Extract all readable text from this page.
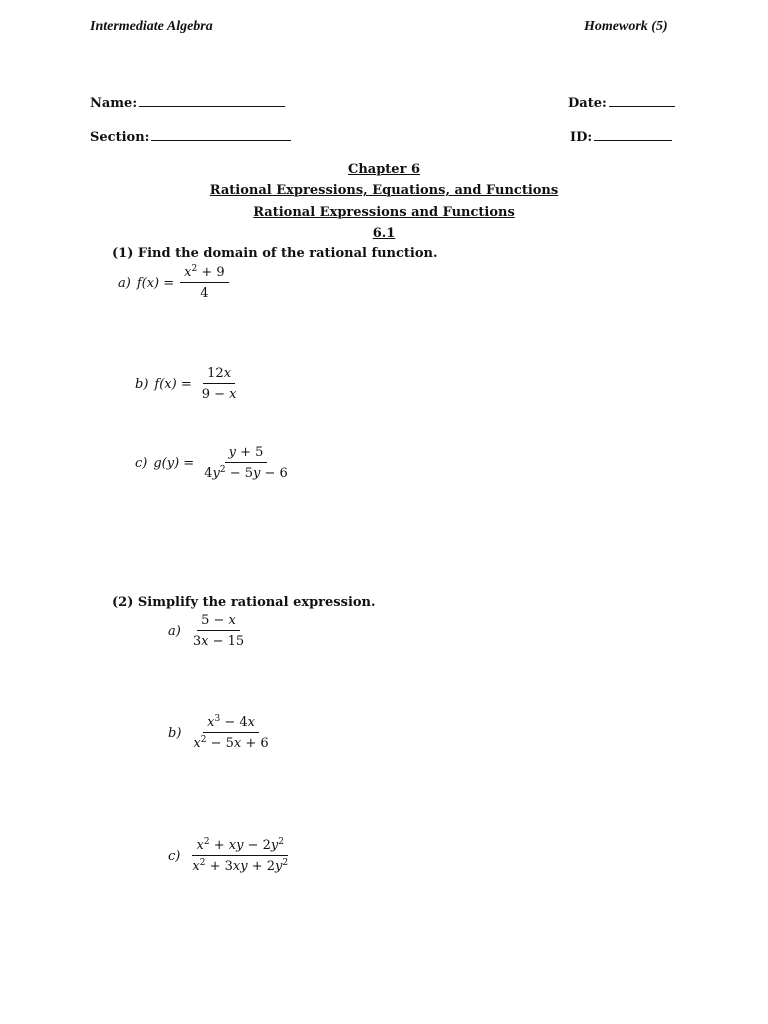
Intermediate Algebra	Homework (5)
Name:	Date:
Section:	ID:
Chapter 6
Rational Expressions, Equations, and Functions
Rational Expressions and Functions
6.1
(1) Find the domain of the rational function.
a) $f(x) = \frac{x^2 + 9}{4}$
b) $f(x) = \frac{12x}{9 - x}$
c) $g(y) = \frac{y + 5}{4y^2 - 5y - 6}$
(2) Simplify the rational expression.
$a) \frac{5 - x}{3x - 15}$
$b) \frac{x^3 - 4x}{x^2 - 5x + 6}$
$c) \frac{x^2 + xy - 2y^2}{x^2 + 3xy + 2y^2}$
